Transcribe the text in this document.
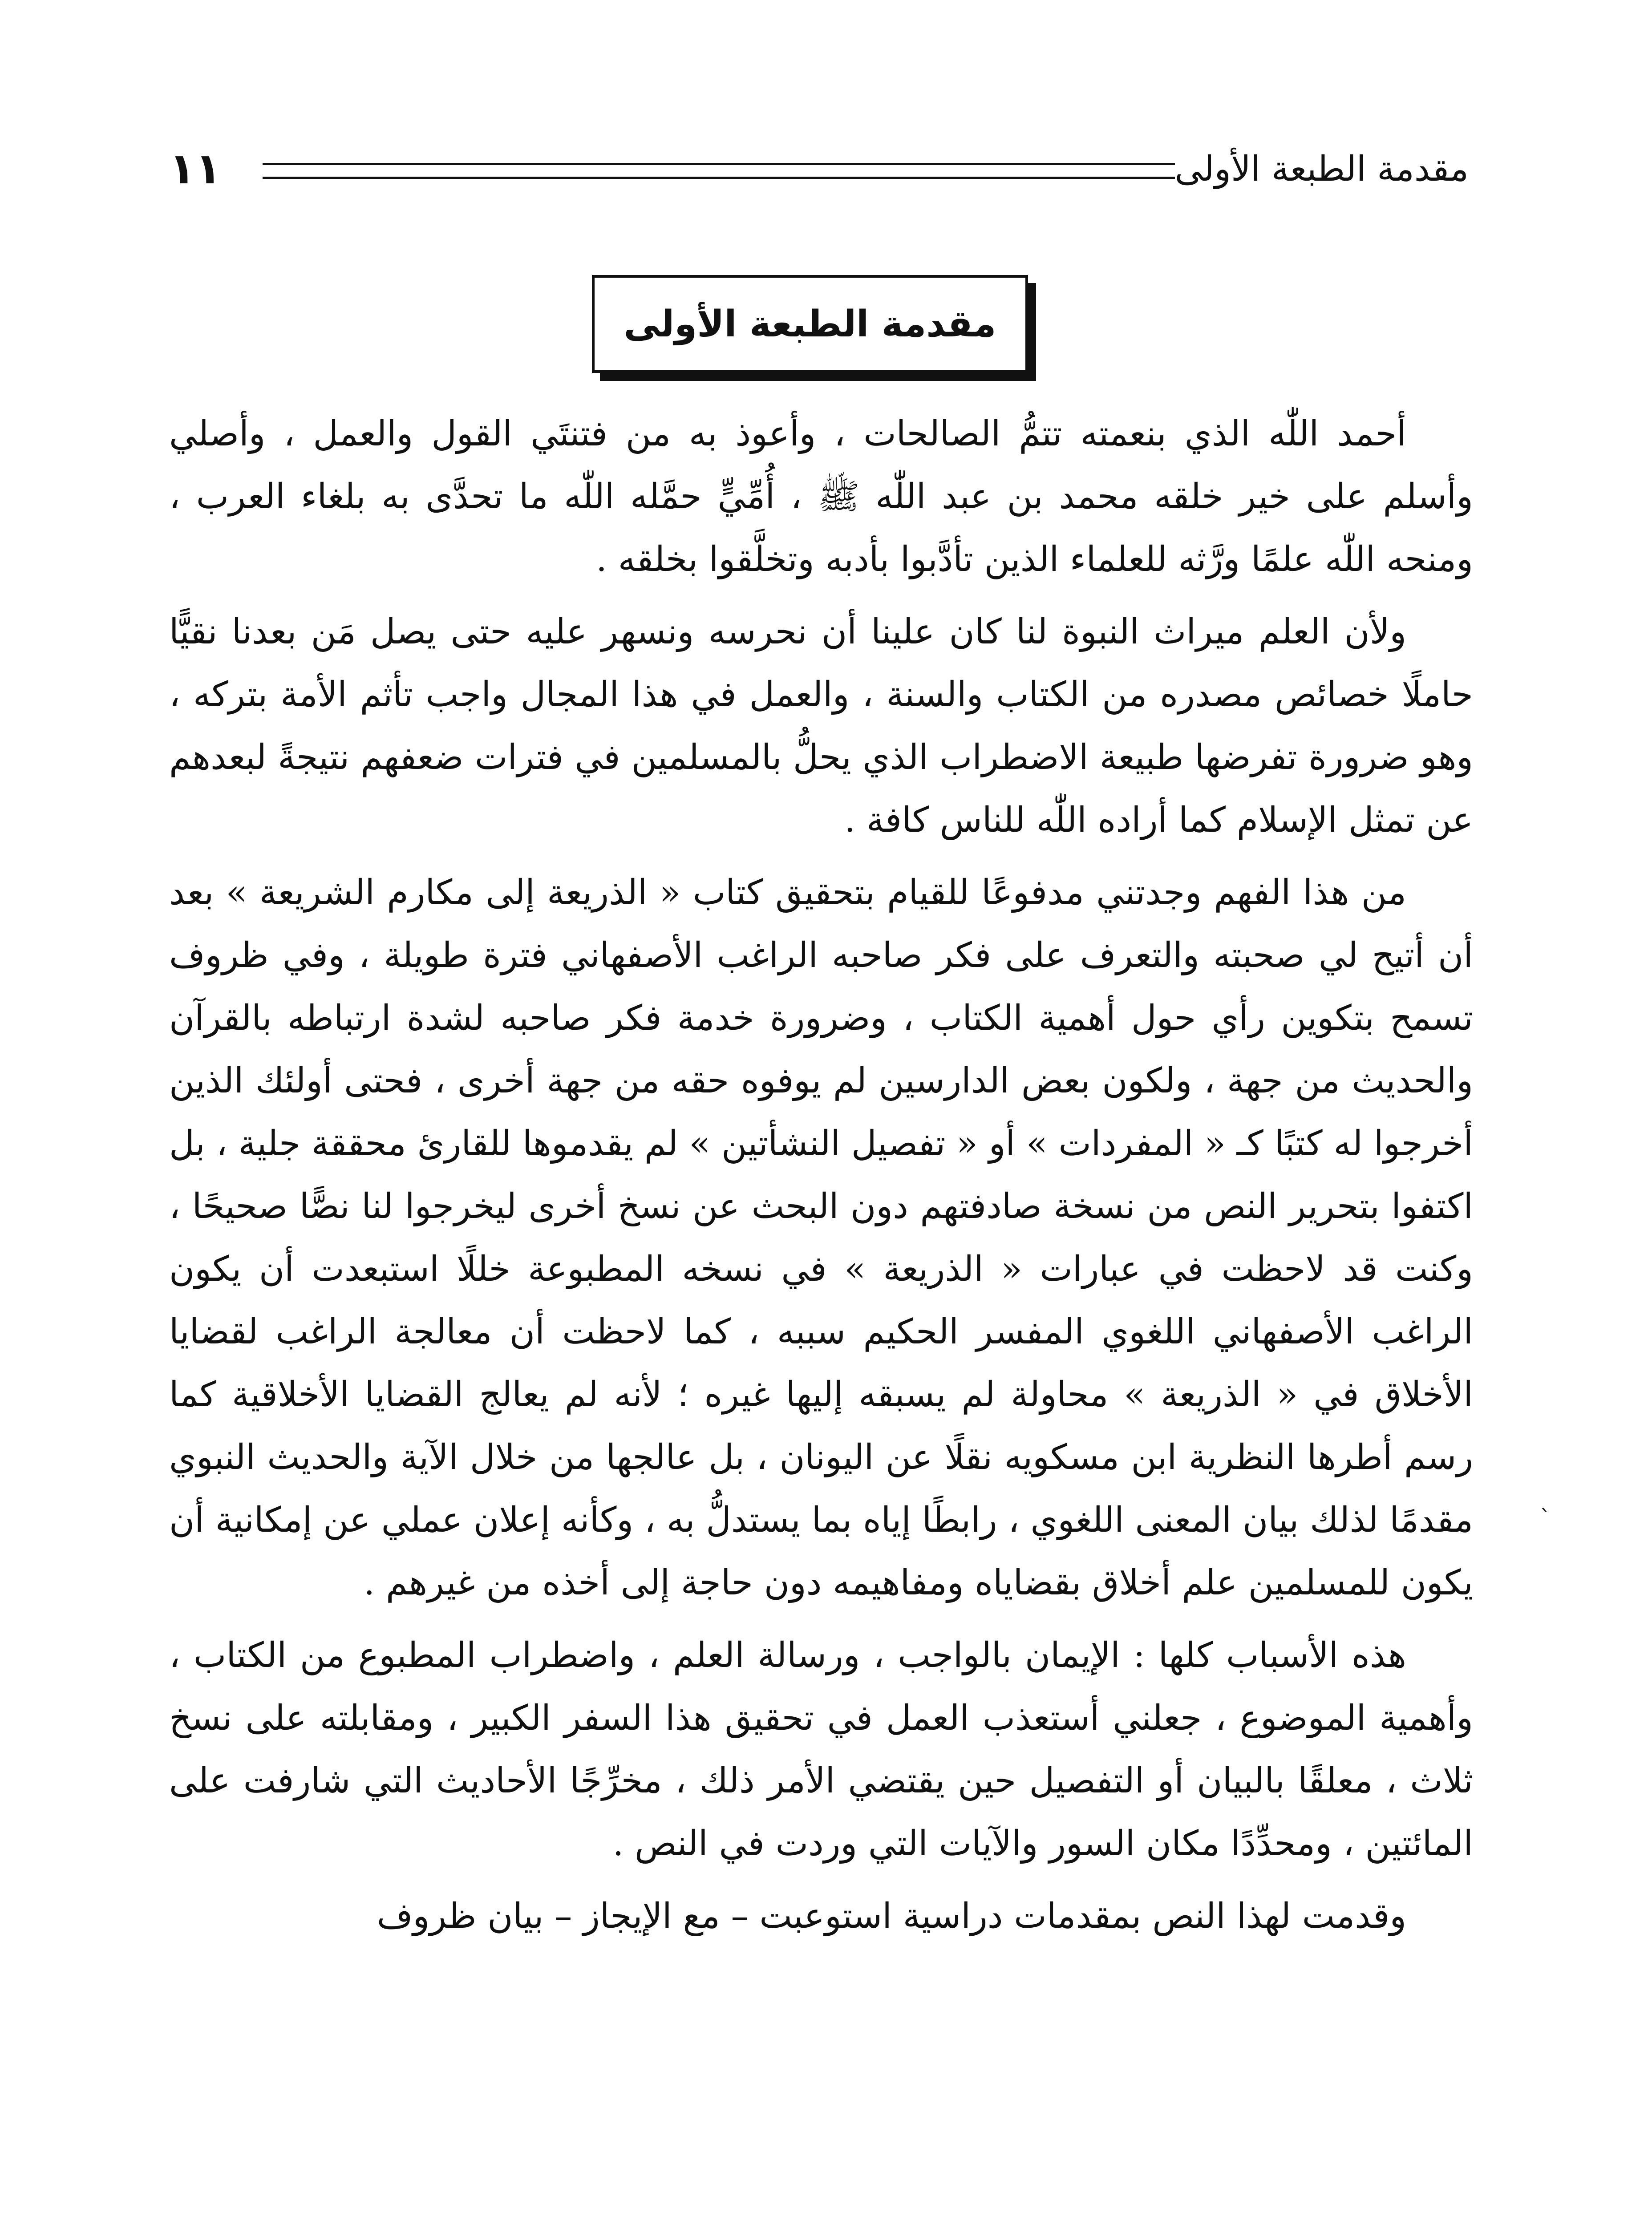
مقدمة الطبعة الأولى
١١
مقدمة الطبعة الأولى

أحمد اللّٰه الذي بنعمته تتمُّ الصالحات ، وأعوذ به من فتنتَي القول والعمل ، وأصلي وأسلم على خير خلقه محمد بن عبد اللّٰه ﷺ ، أُمِّيٍّ حمَّله اللّٰه ما تحدَّى به بلغاء العرب ، ومنحه اللّٰه علمًا ورَّثه للعلماء الذين تأدَّبوا بأدبه وتخلَّقوا بخلقه .

ولأن العلم ميراث النبوة لنا كان علينا أن نحرسه ونسهر عليه حتى يصل مَن بعدنا نقيًّا حاملًا خصائص مصدره من الكتاب والسنة ، والعمل في هذا المجال واجب تأثم الأمة بتركه ، وهو ضرورة تفرضها طبيعة الاضطراب الذي يحلُّ بالمسلمين في فترات ضعفهم نتيجةً لبعدهم عن تمثل الإسلام كما أراده اللّٰه للناس كافة .

من هذا الفهم وجدتني مدفوعًا للقيام بتحقيق كتاب « الذريعة إلى مكارم الشريعة » بعد أن أتيح لي صحبته والتعرف على فكر صاحبه الراغب الأصفهاني فترة طويلة ، وفي ظروف تسمح بتكوين رأي حول أهمية الكتاب ، وضرورة خدمة فكر صاحبه لشدة ارتباطه بالقرآن والحديث من جهة ، ولكون بعض الدارسين لم يوفوه حقه من جهة أخرى ، فحتى أولئك الذين أخرجوا له كتبًا كـ « المفردات » أو « تفصيل النشأتين » لم يقدموها للقارئ محققة جلية ، بل اكتفوا بتحرير النص من نسخة صادفتهم دون البحث عن نسخ أخرى ليخرجوا لنا نصًّا صحيحًا ، وكنت قد لاحظت في عبارات « الذريعة » في نسخه المطبوعة خللًا استبعدت أن يكون الراغب الأصفهاني اللغوي المفسر الحكيم سببه ، كما لاحظت أن معالجة الراغب لقضايا الأخلاق في « الذريعة » محاولة لم يسبقه إليها غيره ؛ لأنه لم يعالج القضايا الأخلاقية كما رسم أطرها النظرية ابن مسكويه نقلًا عن اليونان ، بل عالجها من خلال الآية والحديث النبوي مقدمًا لذلك بيان المعنى اللغوي ، رابطًا إياه بما يستدلُّ به ، وكأنه إعلان عملي عن إمكانية أن يكون للمسلمين علم أخلاق بقضاياه ومفاهيمه دون حاجة إلى أخذه من غيرهم .

هذه الأسباب كلها : الإيمان بالواجب ، ورسالة العلم ، واضطراب المطبوع من الكتاب ، وأهمية الموضوع ، جعلني أستعذب العمل في تحقيق هذا السفر الكبير ، ومقابلته على نسخ ثلاث ، معلقًا بالبيان أو التفصيل حين يقتضي الأمر ذلك ، مخرِّجًا الأحاديث التي شارفت على المائتين ، ومحدِّدًا مكان السور والآيات التي وردت في النص .

وقدمت لهذا النص بمقدمات دراسية استوعبت – مع الإيجاز – بيان ظروف

ˎ
